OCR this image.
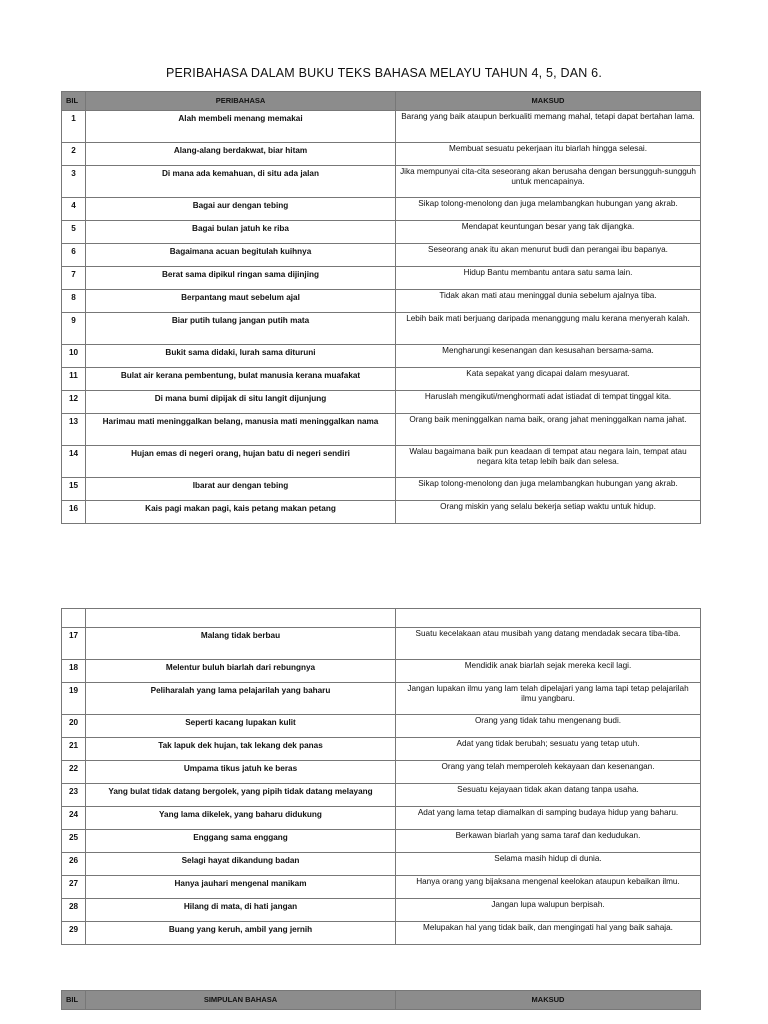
PERIBAHASA DALAM BUKU TEKS BAHASA MELAYU TAHUN 4, 5, DAN 6.
BIL	PERIBAHASA	MAKSUD
1	Alah membeli menang memakai	Barang yang baik ataupun berkualiti memang mahal, tetapi dapat bertahan lama.
2	Alang-alang berdakwat, biar hitam	Membuat sesuatu pekerjaan itu biarlah hingga selesai.
3	Di mana ada kemahuan, di situ ada jalan	Jika mempunyai cita-cita seseorang akan berusaha dengan bersungguh-sungguh untuk mencapainya.
4	Bagai aur dengan tebing	Sikap tolong-menolong dan juga melambangkan hubungan yang akrab.
5	Bagai bulan jatuh ke riba	Mendapat keuntungan besar yang tak dijangka.
6	Bagaimana acuan begitulah kuihnya	Seseorang anak itu akan menurut budi dan perangai ibu bapanya.
7	Berat sama dipikul ringan sama dijinjing	Hidup Bantu membantu antara satu sama lain.
8	Berpantang maut sebelum ajal	Tidak akan mati atau meninggal dunia sebelum ajalnya tiba.
9	Biar putih tulang jangan putih mata	Lebih baik mati berjuang daripada menanggung malu kerana menyerah kalah.
10	Bukit sama didaki, lurah sama dituruni	Mengharungi kesenangan dan kesusahan bersama-sama.
11	Bulat air kerana pembentung, bulat manusia kerana muafakat	Kata sepakat yang dicapai dalam mesyuarat.
12	Di mana bumi dipijak di situ langit dijunjung	Haruslah mengikuti/menghormati adat istiadat di tempat tinggal kita.
13	Harimau mati meninggalkan belang, manusia mati meninggalkan nama	Orang baik meninggalkan nama baik, orang jahat meninggalkan nama jahat.
14	Hujan emas di negeri orang, hujan batu di negeri sendiri	Walau bagaimana baik pun keadaan di tempat atau negara lain, tempat atau negara kita tetap lebih baik dan selesa.
15	Ibarat aur dengan tebing	Sikap tolong-menolong dan juga melambangkan hubungan yang akrab.
16	Kais pagi makan pagi, kais petang makan petang	Orang miskin yang selalu bekerja setiap waktu untuk hidup.

17	Malang tidak berbau	Suatu kecelakaan atau musibah yang datang mendadak secara tiba-tiba.
18	Melentur buluh biarlah dari rebungnya	Mendidik anak biarlah sejak mereka kecil lagi.
19	Peliharalah yang lama pelajarilah yang baharu	Jangan lupakan ilmu yang lam telah dipelajari yang lama tapi tetap pelajarilah ilmu yangbaru.
20	Seperti kacang lupakan kulit	Orang yang tidak tahu mengenang budi.
21	Tak lapuk dek hujan, tak lekang dek panas	Adat yang tidak berubah; sesuatu yang tetap utuh.
22	Umpama tikus jatuh ke beras	Orang yang telah memperoleh kekayaan dan kesenangan.
23	Yang bulat tidak datang bergolek, yang pipih tidak datang melayang	Sesuatu kejayaan tidak akan datang tanpa usaha.
24	Yang lama dikelek, yang baharu didukung	Adat yang lama tetap diamalkan di samping budaya hidup yang baharu.
25	Enggang sama enggang	Berkawan biarlah yang sama taraf dan kedudukan.
26	Selagi hayat dikandung badan	Selama masih hidup di dunia.
27	Hanya jauhari mengenal manikam	Hanya orang yang bijaksana mengenal keelokan ataupun kebaikan ilmu.
28	Hilang di mata, di hati jangan	Jangan lupa walupun berpisah.
29	Buang yang keruh, ambil yang jernih	Melupakan hal yang tidak baik, dan mengingati hal yang baik sahaja.
BIL	SIMPULAN BAHASA	MAKSUD
